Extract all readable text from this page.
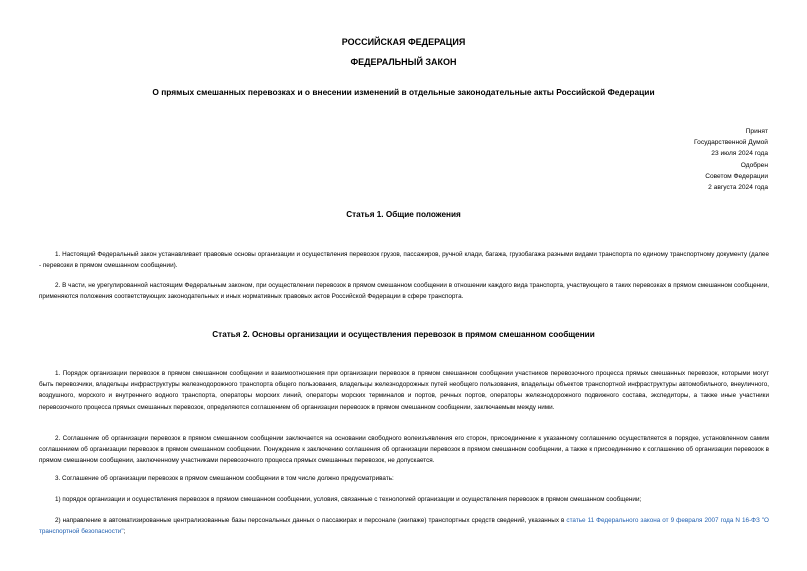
РОССИЙСКАЯ ФЕДЕРАЦИЯ
ФЕДЕРАЛЬНЫЙ ЗАКОН
О прямых смешанных перевозках и о внесении изменений в отдельные законодательные акты Российской Федерации
Принят
Государственной Думой
23 июля 2024 года
Одобрен
Советом Федерации
2 августа 2024 года
Статья 1. Общие положения
1. Настоящий Федеральный закон устанавливает правовые основы организации и осуществления перевозок грузов, пассажиров, ручной клади, багажа, грузобагажа разными видами транспорта по единому транспортному документу (далее - перевозки в прямом смешанном сообщении).
2. В части, не урегулированной настоящим Федеральным законом, при осуществлении перевозок в прямом смешанном сообщении в отношении каждого вида транспорта, участвующего в таких перевозках в прямом смешанном сообщении, применяются положения соответствующих законодательных и иных нормативных правовых актов Российской Федерации в сфере транспорта.
Статья 2. Основы организации и осуществления перевозок в прямом смешанном сообщении
1. Порядок организации перевозок в прямом смешанном сообщении и взаимоотношения при организации перевозок в прямом смешанном сообщении участников перевозочного процесса прямых смешанных перевозок, которыми могут быть перевозчики, владельцы инфраструктуры железнодорожного транспорта общего пользования, владельцы железнодорожных путей необщего пользования, владельцы объектов транспортной инфраструктуры автомобильного, внеуличного, воздушного, морского и внутреннего водного транспорта, операторы морских линий, операторы морских терминалов и портов, речных портов, операторы железнодорожного подвижного состава, экспедиторы, а также иные участники перевозочного процесса прямых смешанных перевозок, определяются соглашением об организации перевозок в прямом смешанном сообщении, заключаемым между ними.
2. Соглашение об организации перевозок в прямом смешанном сообщении заключается на основании свободного волеизъявления его сторон, присоединение к указанному соглашению осуществляется в порядке, установленном самим соглашением об организации перевозок в прямом смешанном сообщении. Понуждение к заключению соглашения об организации перевозок в прямом смешанном сообщении, а также к присоединению к соглашению об организации перевозок в прямом смешанном сообщении, заключенному участниками перевозочного процесса прямых смешанных перевозок, не допускается.
3. Соглашение об организации перевозок в прямом смешанном сообщении в том числе должно предусматривать:
1) порядок организации и осуществления перевозок в прямом смешанном сообщении, условия, связанные с технологией организации и осуществления перевозок в прямом смешанном сообщении;
2) направление в автоматизированные централизованные базы персональных данных о пассажирах и персонале (экипаже) транспортных средств сведений, указанных в статье 11 Федерального закона от 9 февраля 2007 года N 16-ФЗ "О транспортной безопасности";
